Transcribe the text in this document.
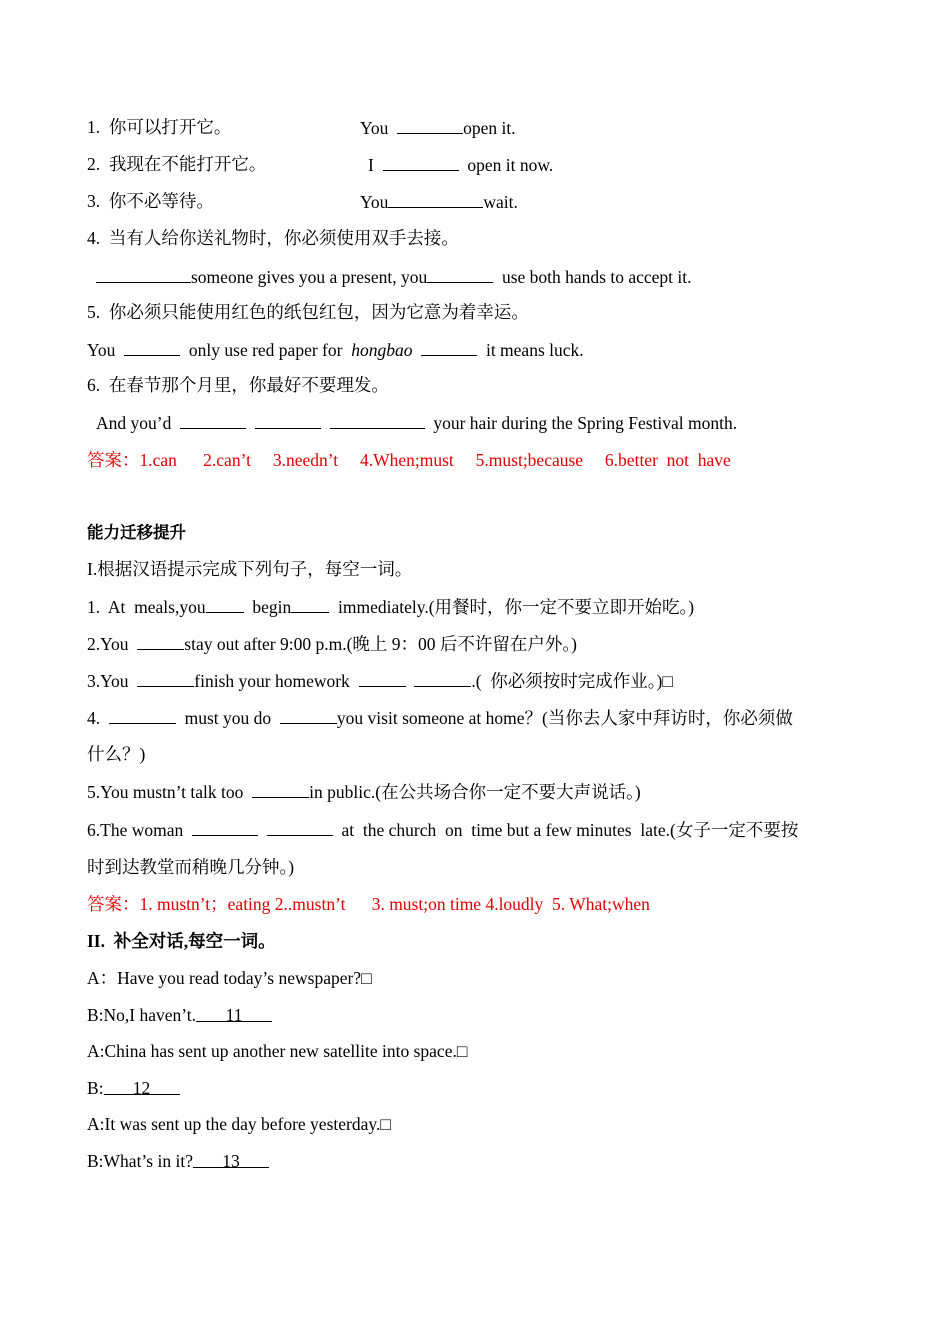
1.  你可以打开它。	You	open it.
2.  我现在不能打开它。	I	open it now.
3.  你不必等待。	You	wait.
4.  当有人给你送礼物时，你必须使用双手去接。
someone gives you a present, you	use both hands to accept it.
5.  你必须只能使用红色的纸包红包，因为它意为着幸运。
You	only use red paper for  hongbao	it means luck.
6.  在春节那个月里，你最好不要理发。
And you’d	your hair during the Spring Festival month.
答案：1.can      2.can’t     3.needn’t     4.When;must     5.must;because     6.better  not  have
能力迁移提升
I.根据汉语提示完成下列句子，每空一词。
1.  At  meals,you  begin  immediately.(用餐时，你一定不要立即开始吃。)
2.You	stay out after 9:00 p.m.(晚上 9：00 后不许留在户外。)
3.You	finish your homework	.(  你必须按时完成作业。)□
4.	must you do	you visit someone at home？(当你去人家中拜访时，你必须做
什么？)
5.You mustn’t talk too	in public.(在公共场合你一定不要大声说话。)
6.The woman	at  the church  on  time but a few minutes  late.(女子一定不要按
时到达教堂而稍晚几分钟。)
答案：1. mustn’t；eating 2..mustn’t      3. must;on time 4.loudly  5. What;when
II.  补全对话,每空一词。
A：Have you read today’s newspaper?□
B:No,I haven’t. 11
A:China has sent up another new satellite into space.□
B: 12
A:It was sent up the day before yesterday.□
B:What’s in it? 13
